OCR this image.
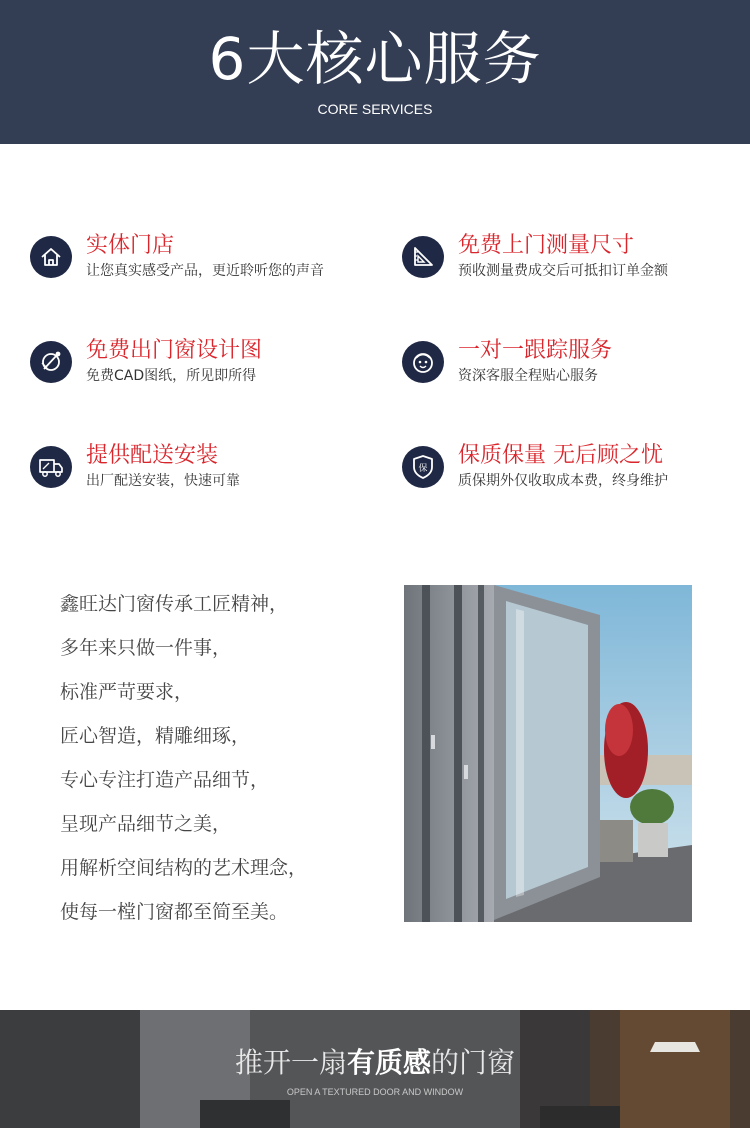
6大核心服务
CORE SERVICES
实体门店
让您真实感受产品，更近聆听您的声音
免费上门测量尺寸
预收测量费成交后可抵扣订单金额
免费出门窗设计图
免费CAD图纸，所见即所得
一对一跟踪服务
资深客服全程贴心服务
提供配送安装
出厂配送安装，快速可靠
保
保质保量 无后顾之忧
质保期外仅收取成本费，终身维护
鑫旺达门窗传承工匠精神，
多年来只做一件事，
标准严苛要求，
匠心智造，精雕细琢，
专心专注打造产品细节，
呈现产品细节之美，
用解析空间结构的艺术理念，
使每一樘门窗都至简至美。
推开一扇有质感的门窗
OPEN A TEXTURED DOOR AND WINDOW
